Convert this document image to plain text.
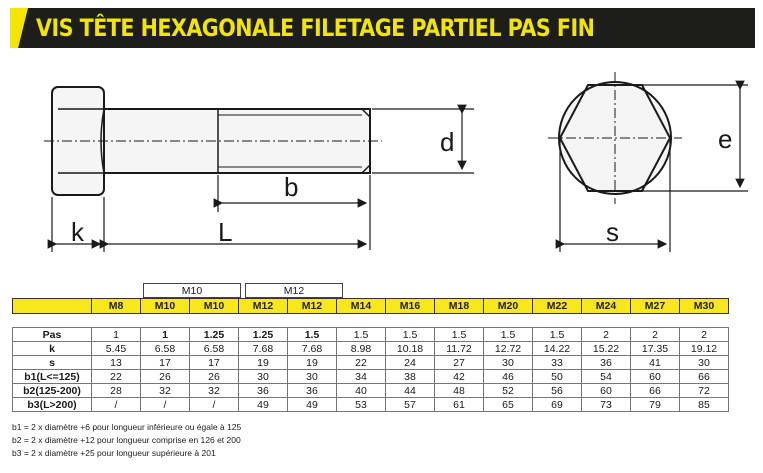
VIS TÊTE HEXAGONALE FILETAGE PARTIEL PAS FIN
d
b
k	L
e
s
M10		M12
	M8	M10	M10	M12	M12	M14	M16	M18	M20	M22	M24	M27	M30
Pas	1	1	1.25	1.25	1.5	1.5	1.5	1.5	1.5	1.5	2	2	2
k	5.45	6.58	6.58	7.68	7.68	8.98	10.18	11.72	12.72	14.22	15.22	17.35	19.12
s	13	17	17	19	19	22	24	27	30	33	36	41	30
b1(L<=125)	22	26	26	30	30	34	38	42	46	50	54	60	66
b2(125-200)	28	32	32	36	36	40	44	48	52	56	60	66	72
b3(L>200)	/	/	/	49	49	53	57	61	65	69	73	79	85
b1 = 2 x diamètre +6 pour longueur inférieure ou égale à 125
b2 = 2 x diamètre +12 pour longueur comprise en 126 et 200
b3 = 2 x diamètre +25 pour longueur supérieure à 201
